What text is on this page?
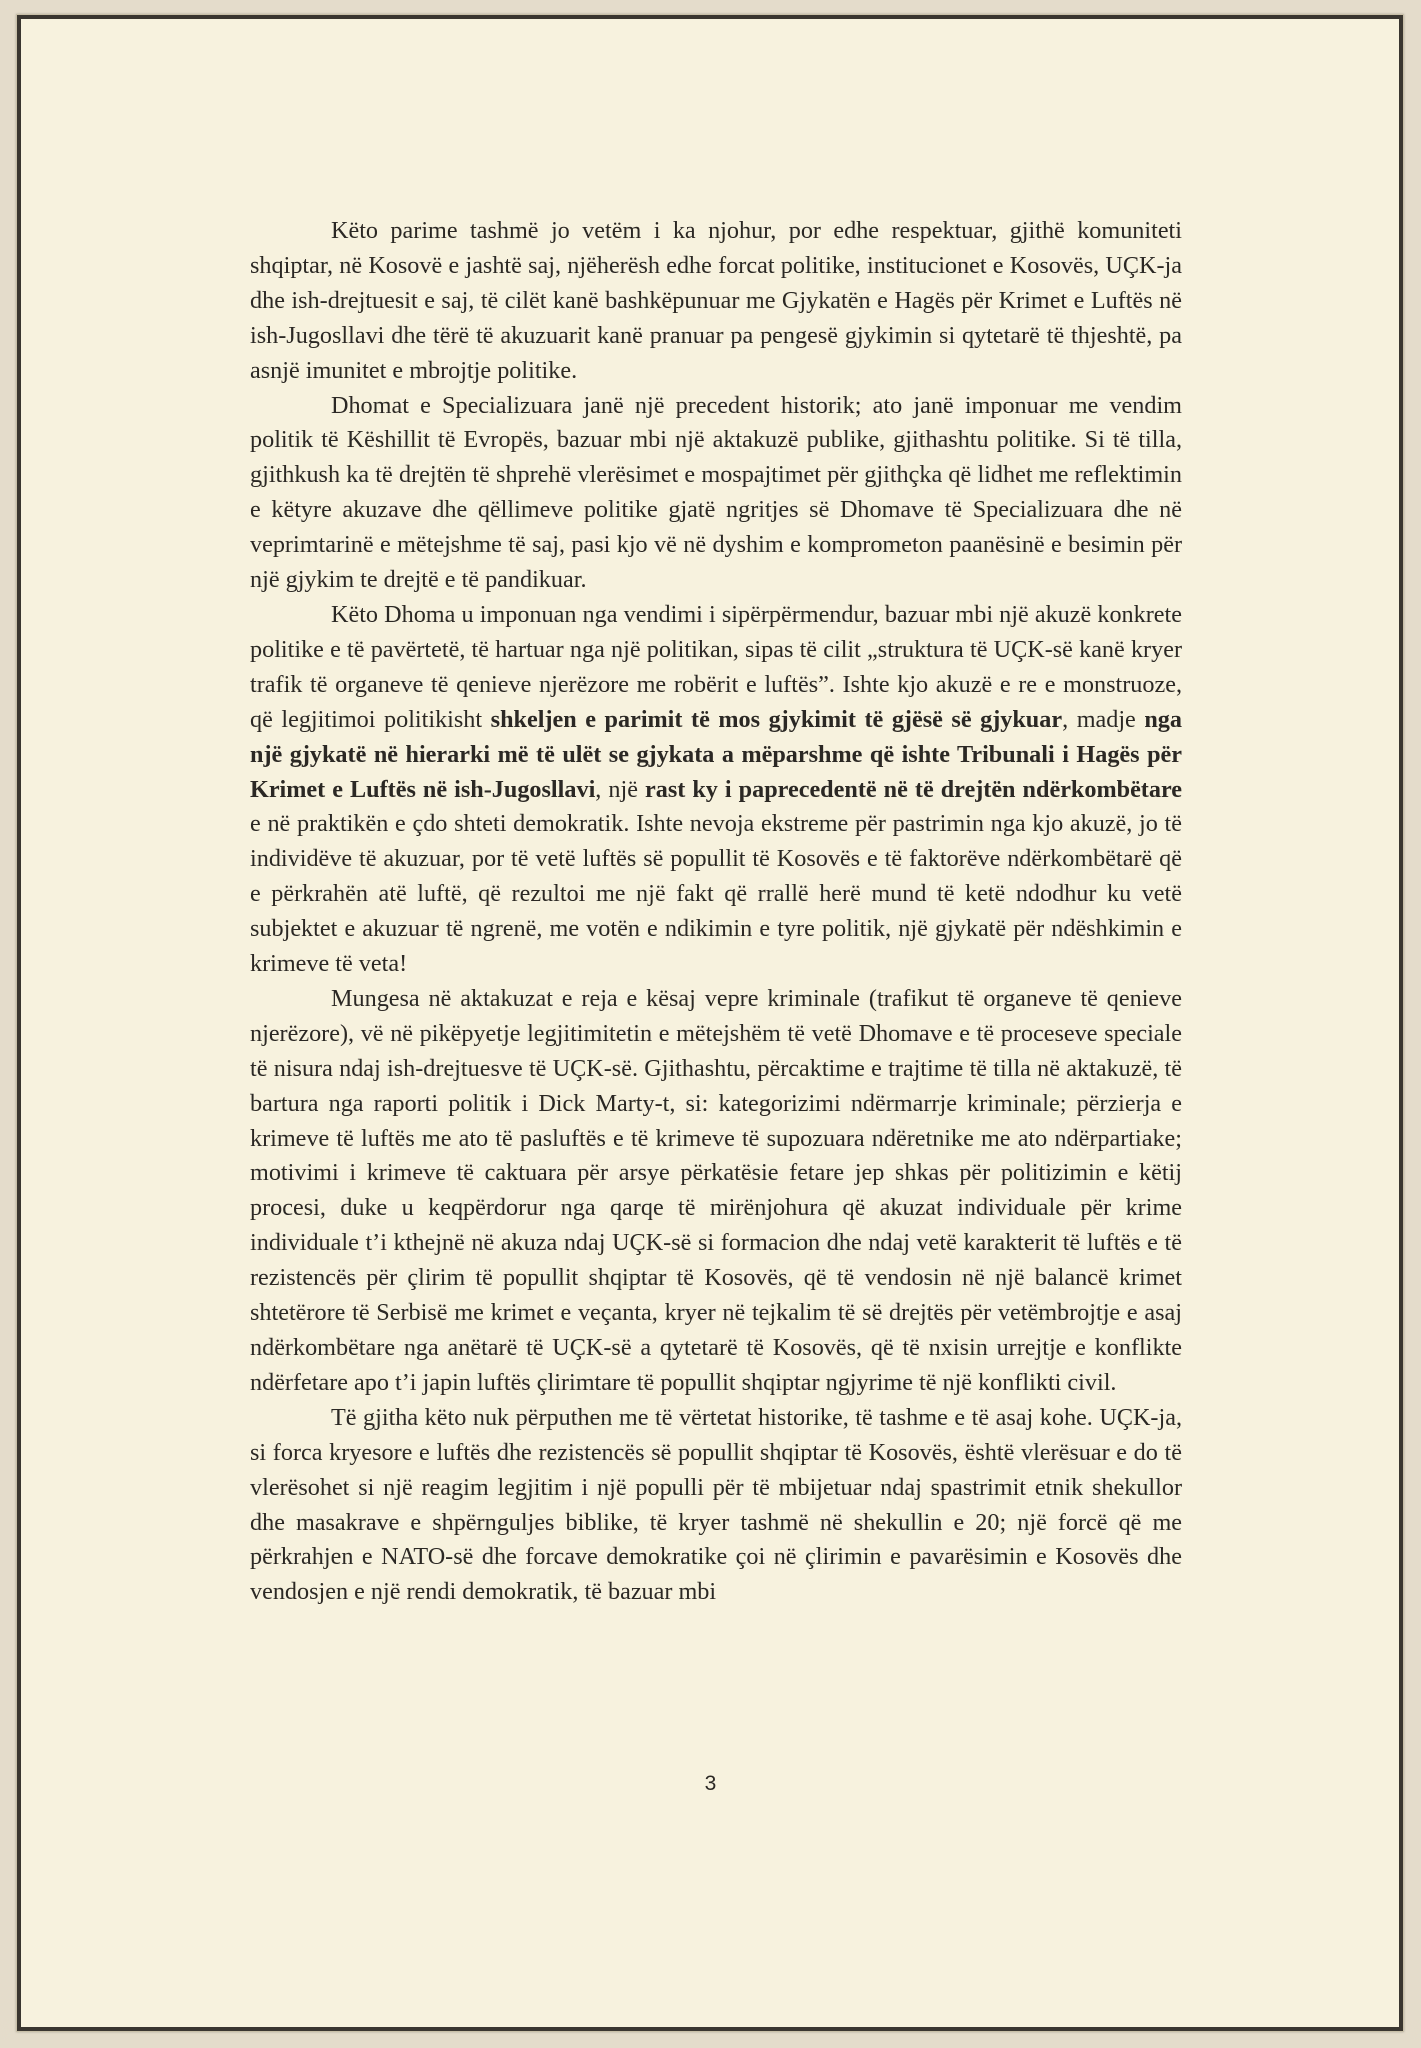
Këto parime tashmë jo vetëm i ka njohur, por edhe respektuar, gjithë komuniteti shqiptar, në Kosovë e jashtë saj, njëherësh edhe forcat politike, institucionet e Kosovës, UÇK-ja dhe ish-drejtuesit e saj, të cilët kanë bashkëpunuar me Gjykatën e Hagës për Krimet e Luftës në ish-Jugosllavi dhe tërë të akuzuarit kanë pranuar pa pengesë gjykimin si qytetarë të thjeshtë, pa asnjë imunitet e mbrojtje politike.

Dhomat e Specializuara janë një precedent historik; ato janë imponuar me vendim politik të Këshillit të Evropës, bazuar mbi një aktakuzë publike, gjithashtu politike. Si të tilla, gjithkush ka të drejtën të shprehë vlerësimet e mospajtimet për gjithçka që lidhet me reflektimin e këtyre akuzave dhe qëllimeve politike gjatë ngritjes së Dhomave të Specializuara dhe në veprimtarinë e mëtejshme të saj, pasi kjo vë në dyshim e komprometon paanësinë e besimin për një gjykim te drejtë e të pandikuar.

Këto Dhoma u imponuan nga vendimi i sipërpërmendur, bazuar mbi një akuzë konkrete politike e të pavërtetë, të hartuar nga një politikan, sipas të cilit „struktura të UÇK-së kanë kryer trafik të organeve të qenieve njerëzore me robërit e luftës”. Ishte kjo akuzë e re e monstruoze, që legjitimoi politikisht shkeljen e parimit të mos gjykimit të gjësë së gjykuar, madje nga një gjykatë në hierarki më të ulët se gjykata a mëparshme që ishte Tribunali i Hagës për Krimet e Luftës në ish-Jugosllavi, një rast ky i paprecedentë në të drejtën ndërkombëtare e në praktikën e çdo shteti demokratik. Ishte nevoja ekstreme për pastrimin nga kjo akuzë, jo të individëve të akuzuar, por të vetë luftës së popullit të Kosovës e të faktorëve ndërkombëtarë që e përkrahën atë luftë, që rezultoi me një fakt që rrallë herë mund të ketë ndodhur ku vetë subjektet e akuzuar të ngrenë, me votën e ndikimin e tyre politik, një gjykatë për ndëshkimin e krimeve të veta!

Mungesa në aktakuzat e reja e kësaj vepre kriminale (trafikut të organeve të qenieve njerëzore), vë në pikëpyetje legjitimitetin e mëtejshëm të vetë Dhomave e të proceseve speciale të nisura ndaj ish-drejtuesve të UÇK-së. Gjithashtu, përcaktime e trajtime të tilla në aktakuzë, të bartura nga raporti politik i Dick Marty-t, si: kategorizimi ndërmarrje kriminale; përzierja e krimeve të luftës me ato të pasluftës e të krimeve të supozuara ndëretnike me ato ndërpartiake; motivimi i krimeve të caktuara për arsye përkatësie fetare jep shkas për politizimin e këtij procesi, duke u keqpërdorur nga qarqe të mirënjohura që akuzat individuale për krime individuale t’i kthejnë në akuza ndaj UÇK-së si formacion dhe ndaj vetë karakterit të luftës e të rezistencës për çlirim të popullit shqiptar të Kosovës, që të vendosin në një balancë krimet shtetërore të Serbisë me krimet e veçanta, kryer në tejkalim të së drejtës për vetëmbrojtje e asaj ndërkombëtare nga anëtarë të UÇK-së a qytetarë të Kosovës, që të nxisin urrejtje e konflikte ndërfetare apo t’i japin luftës çlirimtare të popullit shqiptar ngjyrime të një konflikti civil.

Të gjitha këto nuk përputhen me të vërtetat historike, të tashme e të asaj kohe. UÇK-ja, si forca kryesore e luftës dhe rezistencës së popullit shqiptar të Kosovës, është vlerësuar e do të vlerësohet si një reagim legjitim i një populli për të mbijetuar ndaj spastrimit etnik shekullor dhe masakrave e shpërnguljes biblike, të kryer tashmë në shekullin e 20; një forcë që me përkrahjen e NATO-së dhe forcave demokratike çoi në çlirimin e pavarësimin e Kosovës dhe vendosjen e një rendi demokratik, të bazuar mbi

3
